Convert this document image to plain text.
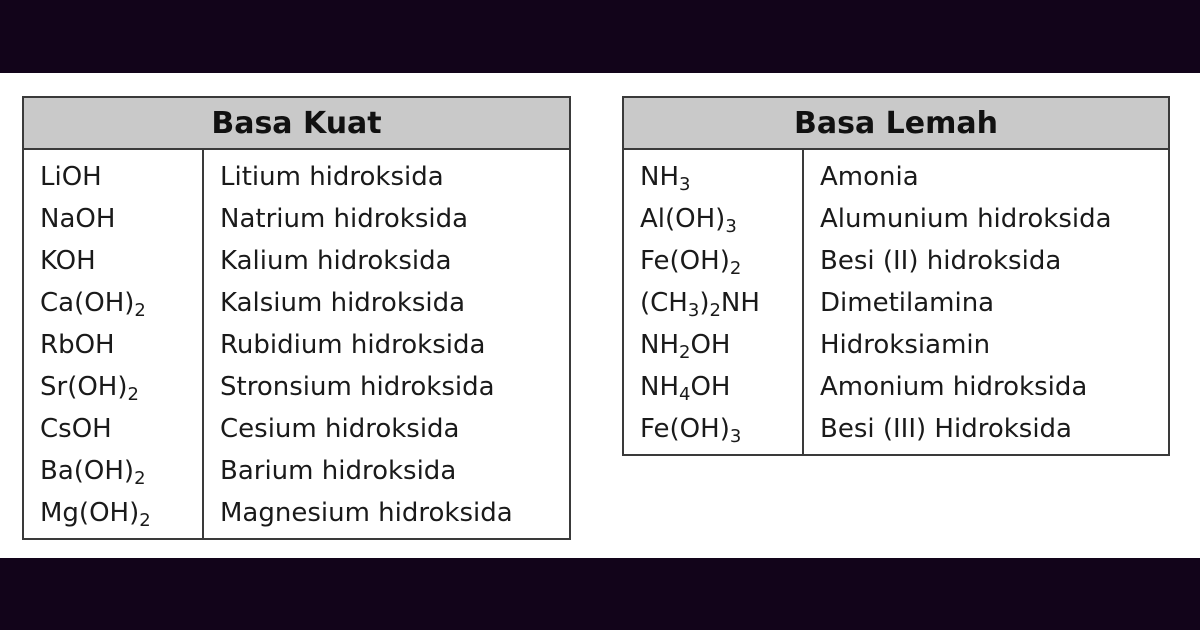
Basa Kuat
LiOH	Litium hidroksida
NaOH	Natrium hidroksida
KOH	Kalium hidroksida
$Ca(OH)_2$	Kalsium hidroksida
RbOH	Rubidium hidroksida
$Sr(OH)_2$	Stronsium hidroksida
CsOH	Cesium hidroksida
$Ba(OH)_2$	Barium hidroksida
$Mg(OH)_2$	Magnesium hidroksida
Basa Lemah
$NH_3$	Amonia
$Al(OH)_3$	Alumunium hidroksida
$Fe(OH)_2$	Besi (II) hidroksida
$(CH_3)_2NH$	Dimetilamina
$NH_2OH$	Hidroksiamin
$NH_4OH$	Amonium hidroksida
$Fe(OH)_3$	Besi (III) Hidroksida
